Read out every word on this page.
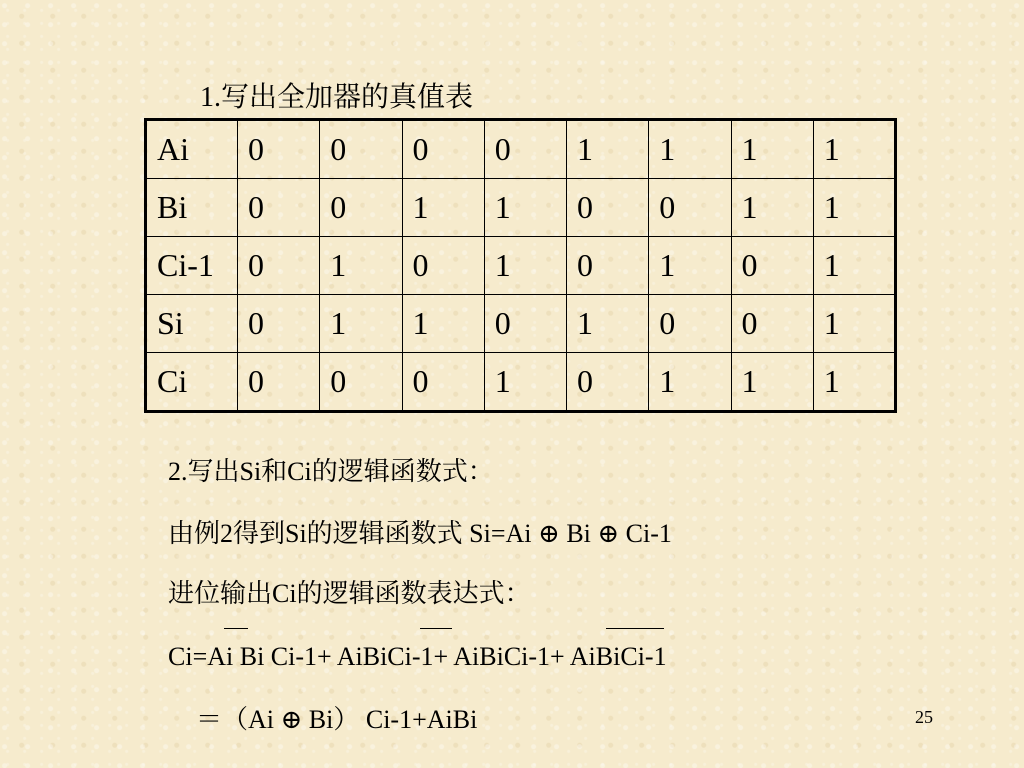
1.写出全加器的真值表
Ai	0	0	0	0	1	1	1	1
Bi	0	0	1	1	0	0	1	1
Ci-1	0	1	0	1	0	1	0	1
Si	0	1	1	0	1	0	0	1
Ci	0	0	0	1	0	1	1	1
2.写出Si和Ci的逻辑函数式：
由例2得到Si的逻辑函数式 Si=Ai ⊕ Bi ⊕ Ci-1
进位输出Ci的逻辑函数表达式：
Ci=Ai Bi Ci-1+ AiBiCi-1+ AiBiCi-1+ AiBiCi-1
＝（Ai ⊕ Bi） Ci-1+AiBi	25
